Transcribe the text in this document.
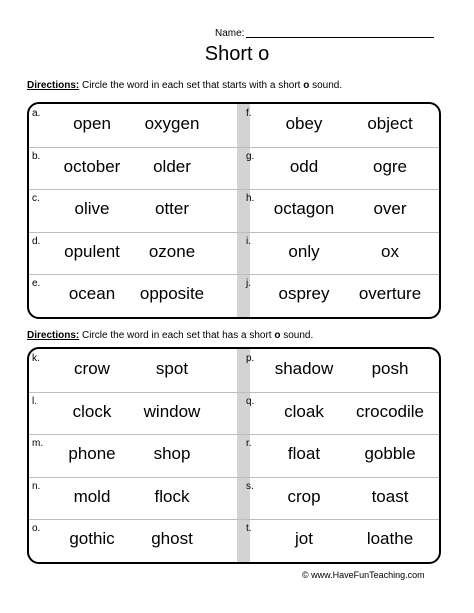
Name:
Short o
Directions: Circle the word in each set that starts with a short o sound.
a.
open	oxygen
f.
obey	object
b.
october	older
g.
odd	ogre
c.
olive	otter
h.
octagon	over
d.
opulent	ozone
i.
only	ox
e.
ocean	opposite
j.
osprey	overture
Directions: Circle the word in each set that has a short o sound.
k.
crow	spot
p.
shadow	posh
l.
clock	window
q.
cloak	crocodile
m.
phone	shop
r.
float	gobble
n.
mold	flock
s.
crop	toast
o.
gothic	ghost
t.
jot	loathe
© www.HaveFunTeaching.com
